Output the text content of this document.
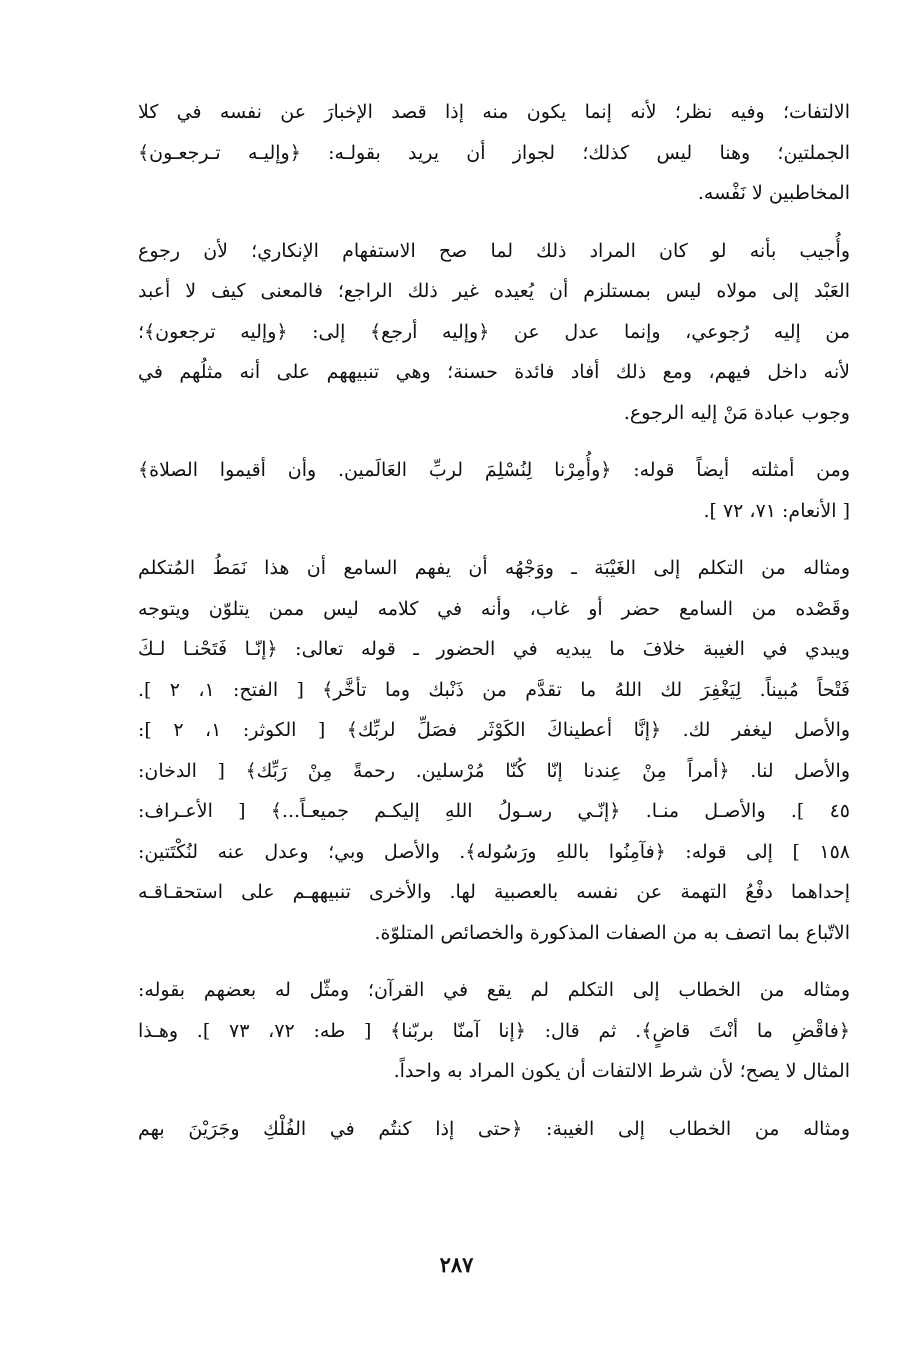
الالتفات؛ وفيه نظر؛ لأنه إنما يكون منه إذا قصد الإخبارَ عن نفسه في كلا
الجملتين؛ وهنا ليس كذلك؛ لجواز أن يريد بقولـه: ﴿وإليـه تـرجعـون﴾
المخاطبين لا نَفْسه.
وأُجيب بأنه لو كان المراد ذلك لما صح الاستفهام الإنكاري؛ لأن رجوع
العَبْد إلى مولاه ليس بمستلزم أن يُعيده غير ذلك الراجع؛ فالمعنى كيف لا أعبد
من إليه رُجوعي، وإنما عدل عن ﴿وإليه أرجع﴾ إلى: ﴿وإليه ترجعون﴾؛
لأنه داخل فيهم، ومع ذلك أفاد فائدة حسنة؛ وهي تنبيههم على أنه مثلُهم في
وجوب عبادة مَنْ إليه الرجوع.
ومن أمثلته أيضاً قوله: ﴿وأُمِرْنا لِنُسْلِمَ لربِّ العَالَمين. وأن أقيموا الصلاة﴾
[ الأنعام: ٧١، ٧٢ ].
ومثاله من التكلم إلى الغَيْبَة ـ ووَجْهُه أن يفهم السامع أن هذا نَمَطُ المُتكلم
وقَصْده من السامع حضر أو غاب، وأنه في كلامه ليس ممن يتلوّن ويتوجه
ويبدي في الغيبة خلافَ ما يبديه في الحضور ـ قوله تعالى: ﴿إنّـا فَتَحْنـا لـكَ
فَتْحاً مُبيناً. لِيَغْفِرَ لك اللهُ ما تقدَّم من ذَنْبك وما تأخَّر﴾ [ الفتح: ١، ٢ ].
والأصل ليغفر لك. ﴿إنَّا أعطيناكَ الكَوْثَر فصَلِّ لربِّك﴾ [ الكوثر: ١، ٢ ]:
والأصل لنا. ﴿أمراً مِنْ عِندنا إنّا كُنّا مُرْسلين. رحمةً مِنْ رَبِّك﴾ [ الدخان:
٤٥ ]. والأصـل منـا. ﴿إنّـي رسـولُ اللهِ إليكـم جميعـاً...﴾ [ الأعـراف:
١٥٨ ] إلى قوله: ﴿فآمِنُوا باللهِ ورَسُوله﴾. والأصل وبي؛ وعدل عنه لنُكْتَتين:
إحداهما دفْعُ التهمة عن نفسه بالعصبية لها. والأخرى تنبيههـم على استحقـاقـه
الاتّباع بما اتصف به من الصفات المذكورة والخصائص المتلوّة.
ومثاله من الخطاب إلى التكلم لم يقع في القرآن؛ ومثّل له بعضهم بقوله:
﴿فاقْضِ ما أنْتَ قاضٍ﴾. ثم قال: ﴿إنا آمنّا بربّنا﴾ [ طه: ٧٢، ٧٣ ]. وهـذا
المثال لا يصح؛ لأن شرط الالتفات أن يكون المراد به واحداً.
ومثاله من الخطاب إلى الغيبة: ﴿حتى إذا كنتُم في الفُلْكِ وجَرَيْنَ بهم
٢٨٧
